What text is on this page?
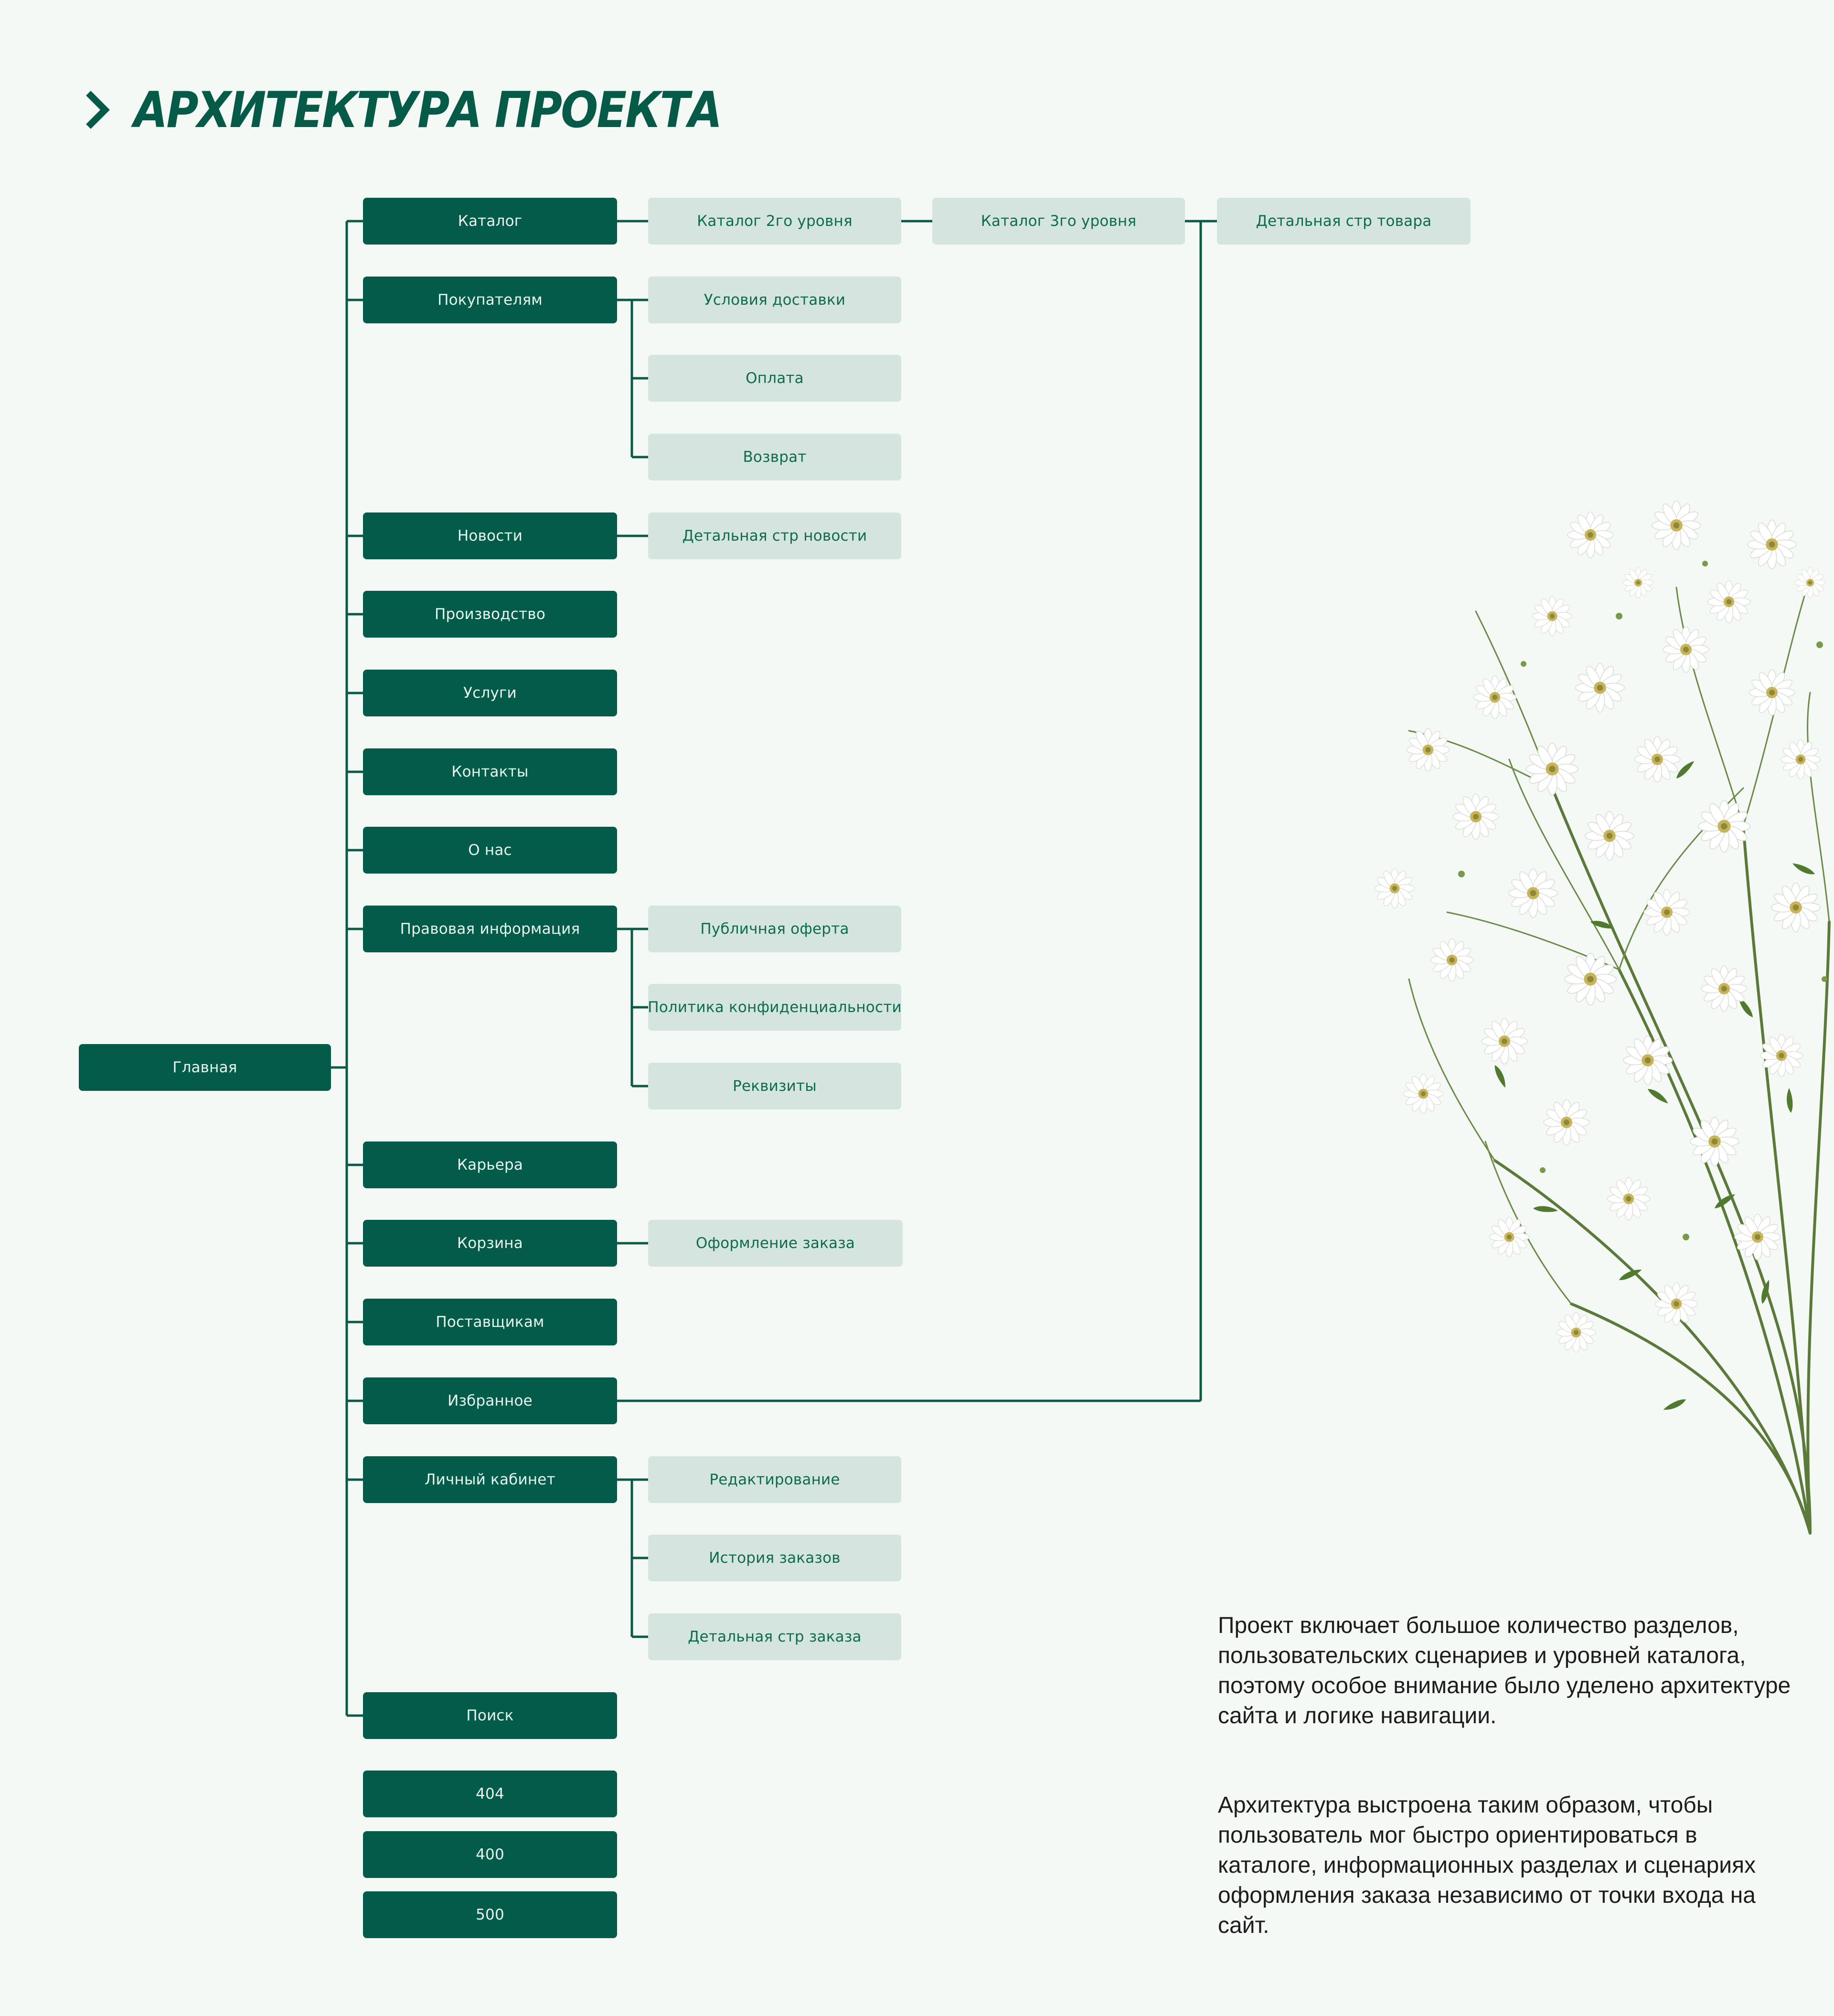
АРХИТЕКТУРА ПРОЕКТА
Главная
Каталог
Покупателям
Новости
Производство
Услуги
Контакты
О нас
Правовая информация
Карьера
Корзина
Поставщикам
Избранное
Личный кабинет
Поиск
404
400
500
Каталог 2го уровня	Каталог 3го уровня	Детальная стр товара
Условия доставки
Оплата
Возврат
Детальная стр новости
Публичная оферта
Политика конфиденциальности
Реквизиты
Оформление заказа
Редактирование
История заказов
Детальная стр заказа	Проект включает большое количество разделов, пользовательских сценариев и уровней каталога, поэтому особое внимание было уделено архитектуре сайта и логике навигации.
Архитектура выстроена таким образом, чтобы пользователь мог быстро ориентироваться в каталоге, информационных разделах и сценариях оформления заказа независимо от точки входа на сайт.
